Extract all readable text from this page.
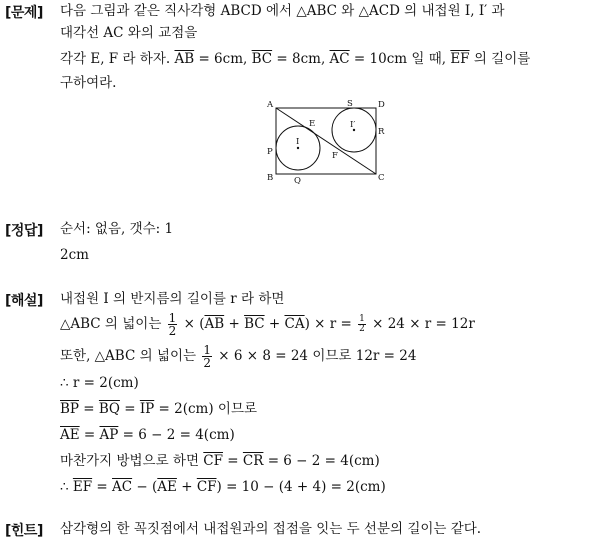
[문제] 다음 그림과 같은 직사각형 ABCD 에서 △ABC 와 △ACD 의 내접원 I, I′ 과
대각선 AC 와의 교점을
각각 E, F 라 하자. $\overline{AB} = 6cm$, $\overline{BC} = 8cm$, $\overline{AC} = 10cm$ 일 때, $\overline{EF}$ 의 길이를
구하여라.
A	S	D
E	I′
R
P
I
F
B Q	C
[정답] 순서: 없음, 갯수: 1
2cm
[해설] 내접원 I 의 반지름의 길이를 r 라 하면
△ABC 의 넓이는 $\frac{1}{2} \times (\overline{AB} + \overline{BC} + \overline{CA}) \times r = \frac{1}{2} \times 24 \times r = 12r$
또한, △ABC 의 넓이는 $\frac{1}{2} \times 6 \times 8 = 24$ 이므로 12r = 24
∴ r = 2(cm)
$\overline{BP} = \overline{BQ} = \overline{IP} = 2(cm)$ 이므로
$\overline{AE} = \overline{AP} = 6 - 2 = 4(cm)$
마찬가지 방법으로 하면 $\overline{CF} = \overline{CR} = 6 - 2 = 4(cm)$
∴ $\overline{EF} = \overline{AC} - (\overline{AE} + \overline{CF}) = 10 - (4 + 4) = 2(cm)$
[힌트] 삼각형의 한 꼭짓점에서 내접원과의 접점을 잇는 두 선분의 길이는 같다.
